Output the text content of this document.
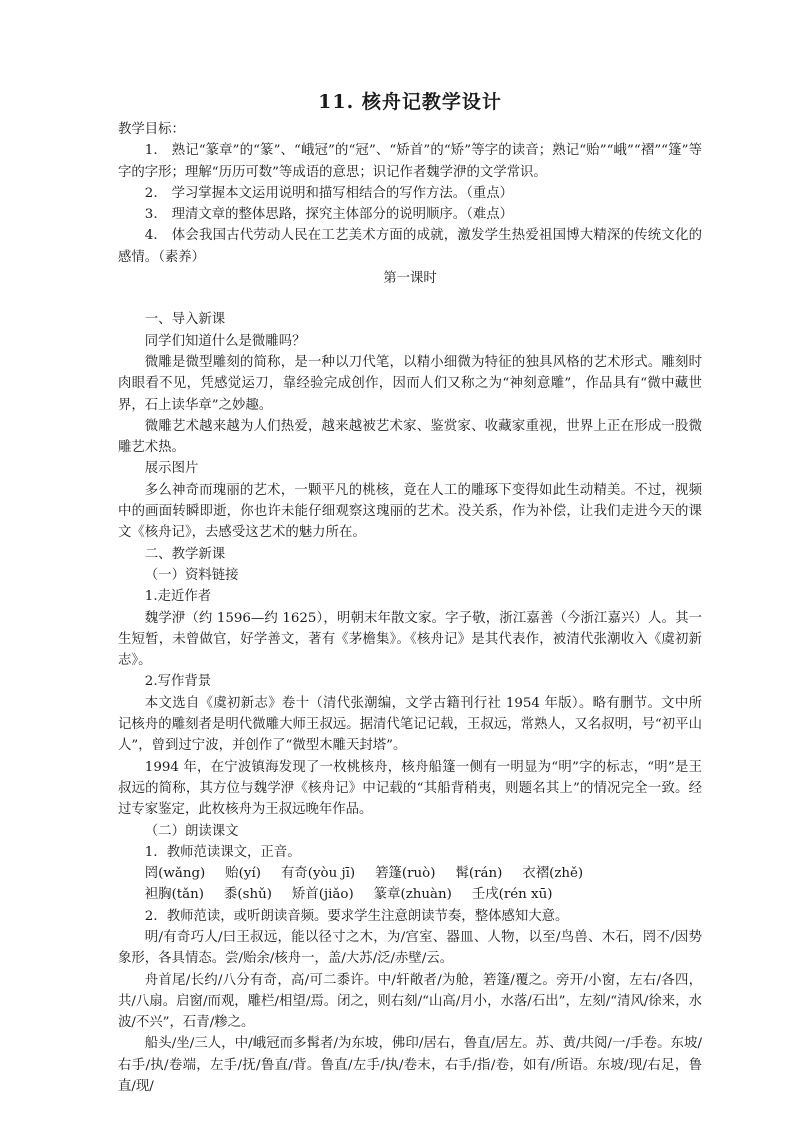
11. 核舟记教学设计

教学目标：

1. 熟记“篆章”的“篆”、“峨冠”的“冠”、“矫首”的“矫”等字的读音；熟记“贻”“峨”“褶”“篷”等字的字形；理解“历历可数”等成语的意思；识记作者魏学洢的文学常识。

2. 学习掌握本文运用说明和描写相结合的写作方法。（重点）

3. 理清文章的整体思路，探究主体部分的说明顺序。（难点）

4. 体会我国古代劳动人民在工艺美术方面的成就，激发学生热爱祖国博大精深的传统文化的感情。（素养）

第一课时

一、导入新课

同学们知道什么是微雕吗？

微雕是微型雕刻的简称，是一种以刀代笔，以精小细微为特征的独具风格的艺术形式。雕刻时肉眼看不见，凭感觉运刀，靠经验完成创作，因而人们又称之为“神刻意雕”，作品具有“微中藏世界，石上读华章”之妙趣。

微雕艺术越来越为人们热爱，越来越被艺术家、鉴赏家、收藏家重视，世界上正在形成一股微雕艺术热。

展示图片

多么神奇而瑰丽的艺术，一颗平凡的桃核，竟在人工的雕琢下变得如此生动精美。不过，视频中的画面转瞬即逝，你也许未能仔细观察这瑰丽的艺术。没关系，作为补偿，让我们走进今天的课文《核舟记》，去感受这艺术的魅力所在。

二、教学新课

（一）资料链接

1.走近作者

魏学洢（约 1596—约 1625），明朝末年散文家。字子敬，浙江嘉善（今浙江嘉兴）人。其一生短暂，未曾做官，好学善文，著有《茅檐集》。《核舟记》是其代表作，被清代张潮收入《虞初新志》。

2.写作背景

本文选自《虞初新志》卷十（清代张潮编，文学古籍刊行社 1954 年版）。略有删节。文中所记核舟的雕刻者是明代微雕大师王叔远。据清代笔记记载，王叔远，常熟人，又名叔明，号“初平山人”，曾到过宁波，并创作了“微型木雕天封塔”。

1994 年，在宁波镇海发现了一枚桃核舟，核舟船篷一侧有一明显为“明”字的标志，“明”是王叔远的简称，其方位与魏学洢《核舟记》中记载的“其船背稍夷，则题名其上”的情况完全一致。经过专家鉴定，此枚核舟为王叔远晚年作品。

（二）朗读课文

1．教师范读课文，正音。

罔(wǎng) 贻(yí) 有奇(yòu jī) 箬篷(ruò) 髯(rán) 衣褶(zhě)

袒胸(tǎn) 黍(shǔ) 矫首(jiǎo) 篆章(zhuàn) 壬戌(rén xū)

2．教师范读，或听朗读音频。要求学生注意朗读节奏，整体感知大意。

明/有奇巧人/曰王叔远，能以径寸之木，为/宫室、器皿、人物，以至/鸟兽、木石，罔不/因势象形，各具情态。尝/贻余/核舟一，盖/大苏/泛/赤壁/云。

舟首尾/长约/八分有奇，高/可二黍许。中/轩敞者/为舱，箬篷/覆之。旁开/小窗，左右/各四，共/八扇。启窗/而观，雕栏/相望/焉。闭之，则右刻/“山高/月小，水落/石出”，左刻/“清风/徐来，水波/不兴”，石青/糁之。

船头/坐/三人，中/峨冠而多髯者/为东坡，佛印/居右，鲁直/居左。苏、黄/共阅/一/手卷。东坡/右手/执/卷端，左手/抚/鲁直/背。鲁直/左手/执/卷末，右手/指/卷，如有/所语。东坡/现/右足，鲁直/现/
